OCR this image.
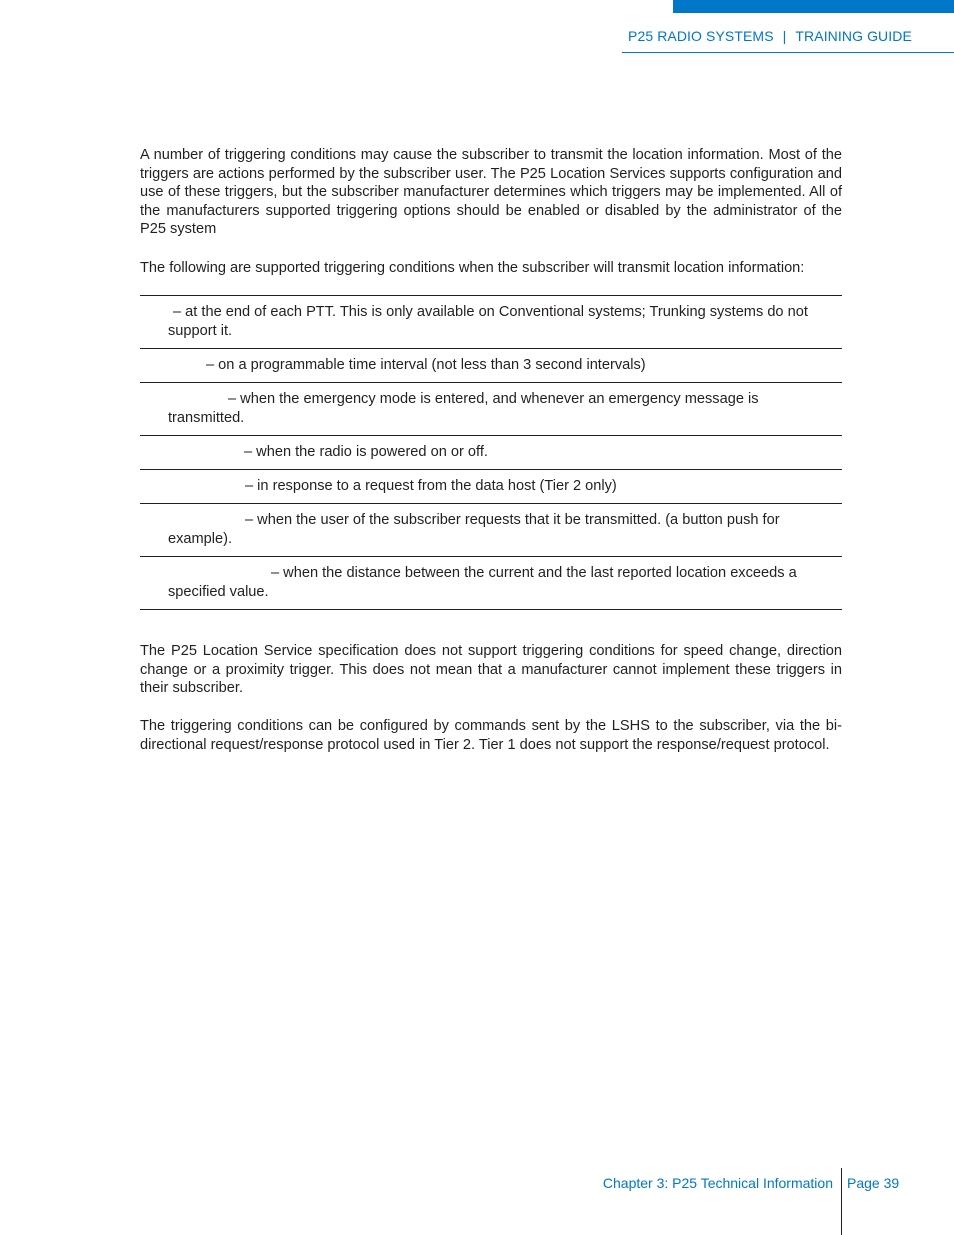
P25 RADIO SYSTEMS | TRAINING GUIDE

A number of triggering conditions may cause the subscriber to transmit the location information. Most of the triggers are actions performed by the subscriber user. The P25 Location Services supports configuration and use of these triggers, but the subscriber manufacturer determines which triggers may be implemented. All of the manufacturers supported triggering options should be enabled or disabled by the administrator of the P25 system

The following are supported triggering conditions when the subscriber will transmit location information:

– at the end of each PTT. This is only available on Conventional systems; Trunking systems do not support it.
– on a programmable time interval (not less than 3 second intervals)
– when the emergency mode is entered, and whenever an emergency message is transmitted.
– when the radio is powered on or off.
– in response to a request from the data host (Tier 2 only)
– when the user of the subscriber requests that it be transmitted. (a button push for example).
– when the distance between the current and the last reported location exceeds a specified value.

The P25 Location Service specification does not support triggering conditions for speed change, direction change or a proximity trigger. This does not mean that a manufacturer cannot implement these triggers in their subscriber.

The triggering conditions can be configured by commands sent by the LSHS to the subscriber, via the bi-directional request/response protocol used in Tier 2. Tier 1 does not support the response/request protocol.

Chapter 3: P25 Technical Information Page 39
